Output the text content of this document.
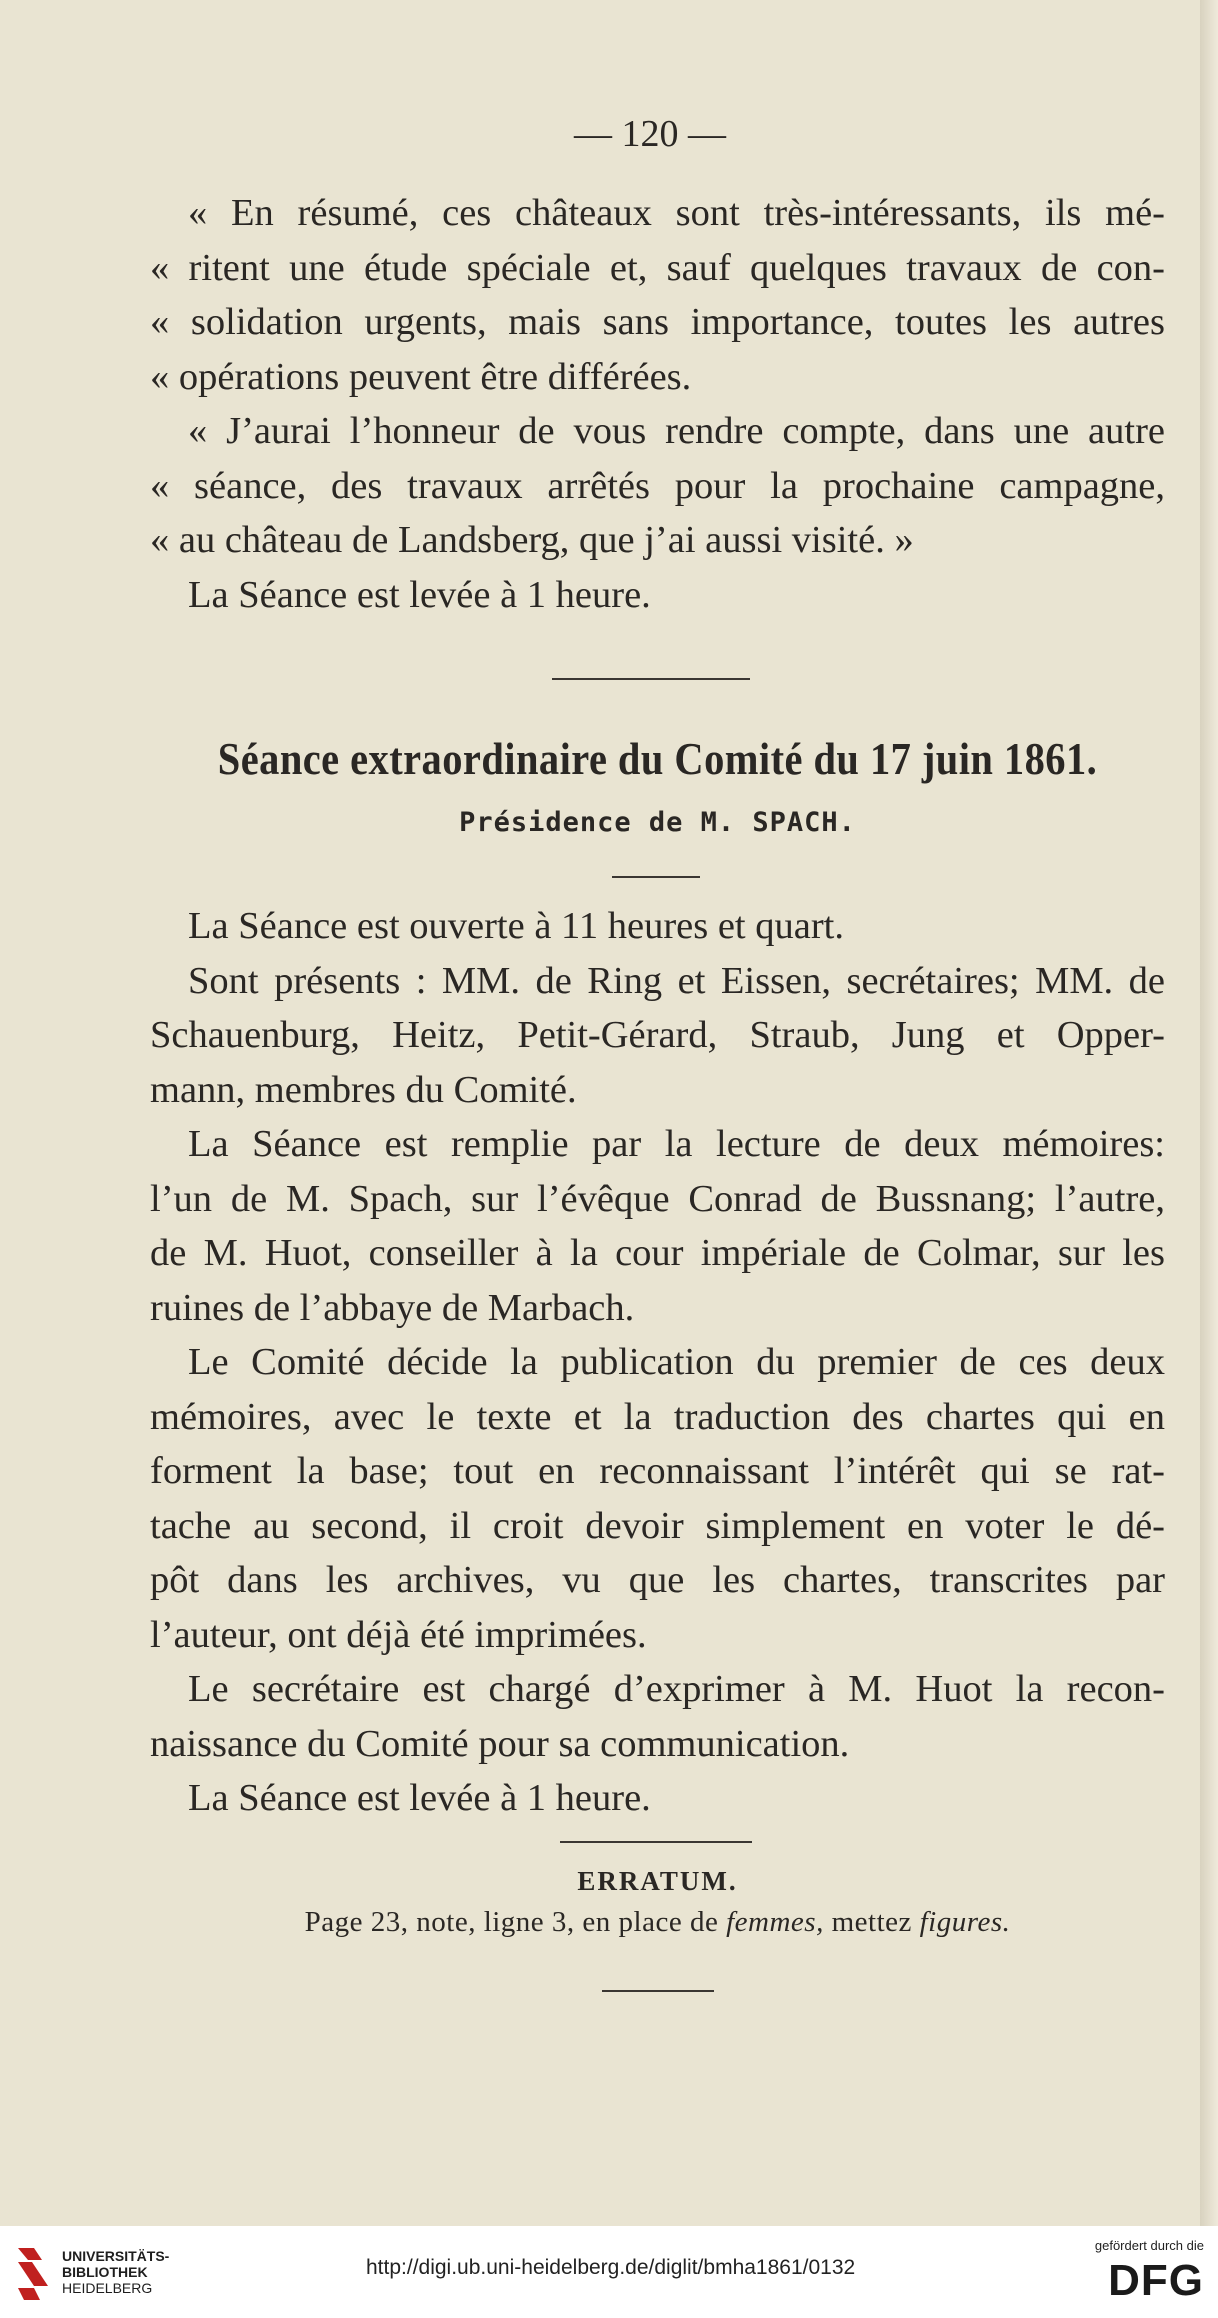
— 120 —

« En résumé, ces châteaux sont très-intéressants, ils mé-
« ritent une étude spéciale et, sauf quelques travaux de con-
« solidation urgents, mais sans importance, toutes les autres
« opérations peuvent être différées.

« J’aurai l’honneur de vous rendre compte, dans une autre
« séance, des travaux arrêtés pour la prochaine campagne,
« au château de Landsberg, que j’ai aussi visité. »

La Séance est levée à 1 heure.

Séance extraordinaire du Comité du 17 juin 1861.
Présidence de M. SPACH.

La Séance est ouverte à 11 heures et quart.

Sont présents : MM. de Ring et Eissen, secrétaires; MM. de
Schauenburg, Heitz, Petit-Gérard, Straub, Jung et Opper-
mann, membres du Comité.

La Séance est remplie par la lecture de deux mémoires:
l’un de M. Spach, sur l’évêque Conrad de Bussnang; l’autre,
de M. Huot, conseiller à la cour impériale de Colmar, sur les
ruines de l’abbaye de Marbach.

Le Comité décide la publication du premier de ces deux
mémoires, avec le texte et la traduction des chartes qui en
forment la base; tout en reconnaissant l’intérêt qui se rat-
tache au second, il croit devoir simplement en voter le dé-
pôt dans les archives, vu que les chartes, transcrites par
l’auteur, ont déjà été imprimées.

Le secrétaire est chargé d’exprimer à M. Huot la recon-
naissance du Comité pour sa communication.

La Séance est levée à 1 heure.

ERRATUM.
Page 23, note, ligne 3, en place de femmes, mettez figures.
UNIVERSITÄTS-
BIBLIOTHEK
HEIDELBERG
http://digi.ub.uni-heidelberg.de/diglit/bmha1861/0132
gefördert durch die
DFG
